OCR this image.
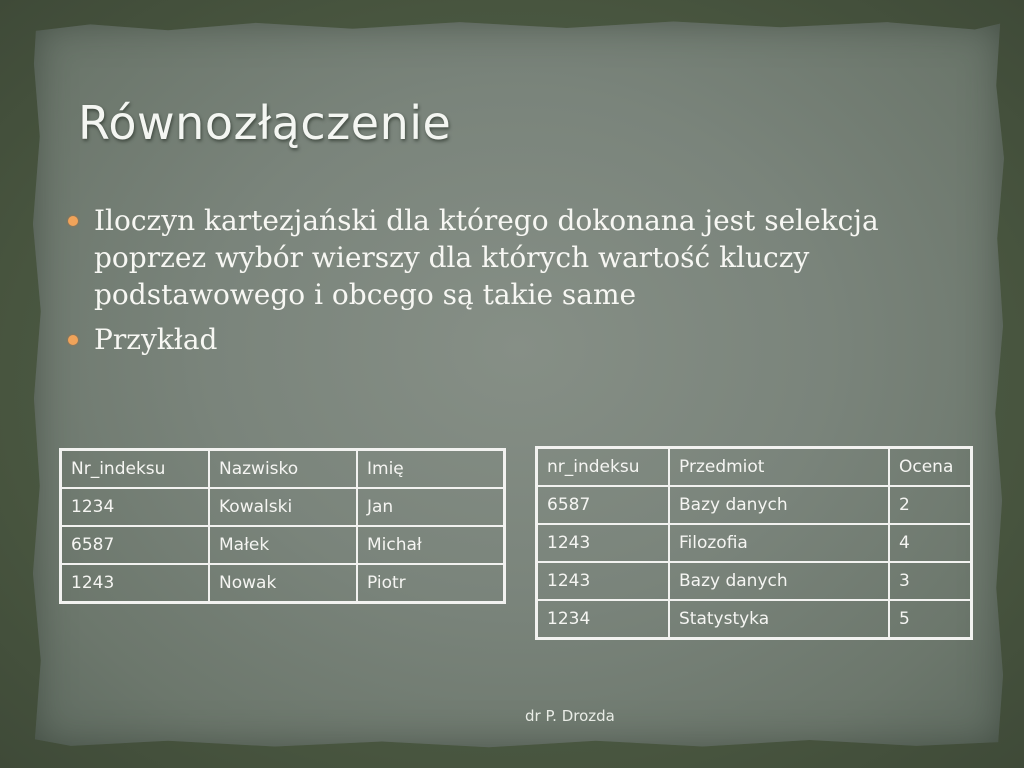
Równozłączenie
Iloczyn kartezjański dla którego dokonana jest selekcja poprzez wybór wierszy dla których wartość kluczy podstawowego i obcego są takie same
Przykład
Nr_indeksu	Nazwisko	Imię
1234	Kowalski	Jan
6587	Małek	Michał
1243	Nowak	Piotr
nr_indeksu	Przedmiot	Ocena
6587	Bazy danych	2
1243	Filozofia	4
1243	Bazy danych	3
1234	Statystyka	5
dr P. Drozda
